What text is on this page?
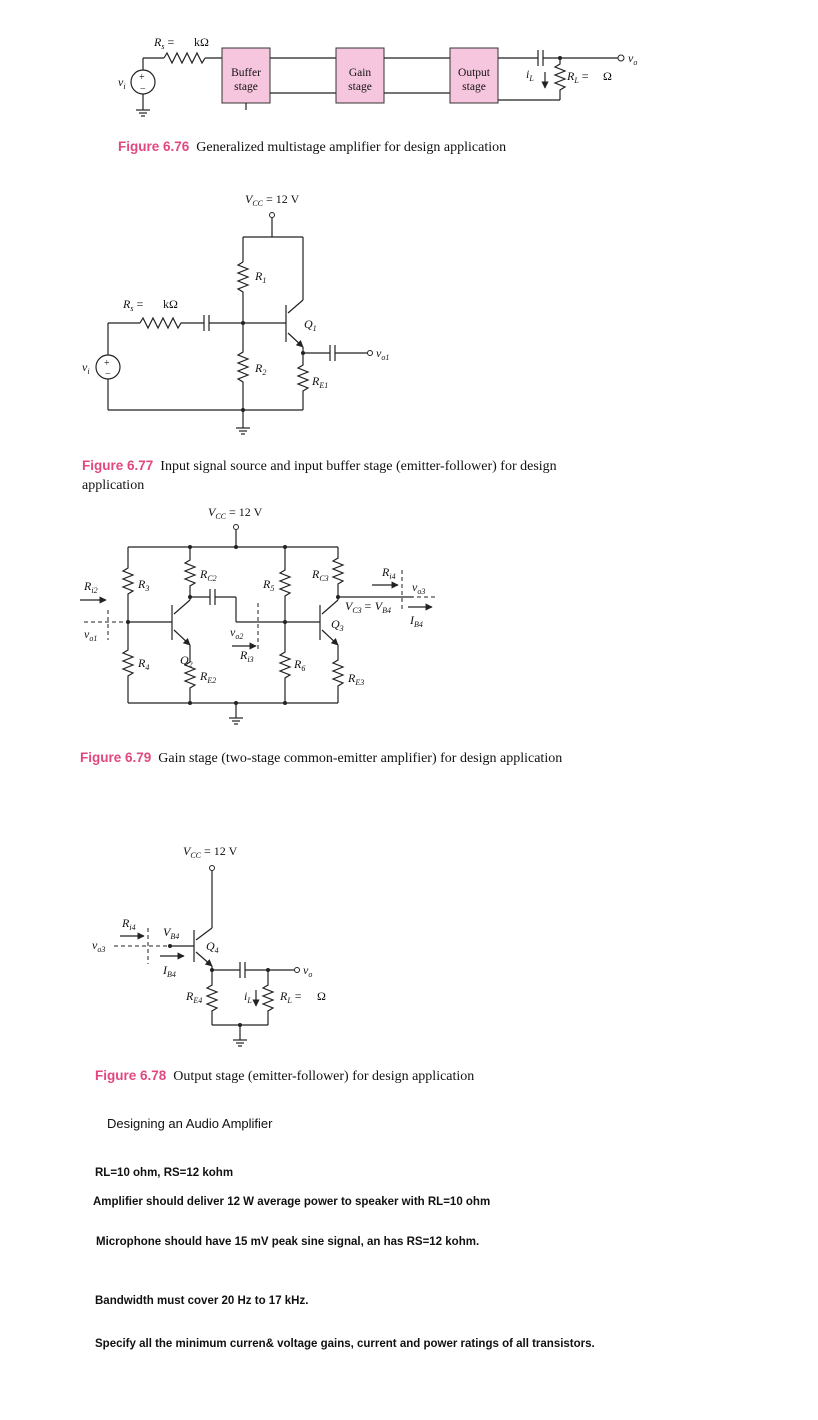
+
−
$v_i$
$R_s = k\Omega$
Buffer
stage
Gain
stage
Output
stage
$v_o$
$i_L$	$R_L = \Omega$
$V_{CC} = 12$ V
$R_1$
$Q_1$
$v_{o1}$
$R_{E1}$
$R_2$
+
−
$v_i$
$R_s = k\Omega$
$V_{CC} = 12$ V
$R_3$
$R_4$
$R_{i2}$
$v_{o1}$
$Q_2$
$R_{C2}$
$v_{o2}$
$R_{i3}$
$R_{E2}$
$R_5$
$R_6$
$Q_3$
$R_{C3}$
$V_{C3} = V_{B4}$
$R_{i4}$
$v_{o3}$
$I_{B4}$
$R_{E3}$
$V_{CC} = 12$ V
$Q_4$
$R_{i4}$ $V_{B4}$
$v_{o3}$
$I_{B4}$	$v_o$
$R_{E4}$	$i_L$ $R_L = \Omega$
Figure 6.76 Generalized multistage amplifier for design application
Figure 6.77 Input signal source and input buffer stage (emitter-follower) for design
application
Figure 6.79 Gain stage (two-stage common-emitter amplifier) for design application
Figure 6.78 Output stage (emitter-follower) for design application
Designing an Audio Amplifier
RL=10 ohm, RS=12 kohm
Amplifier should deliver 12 W average power to speaker with RL=10 ohm
Microphone should have 15 mV peak sine signal, an has RS=12 kohm.
Bandwidth must cover 20 Hz to 17 kHz.
Specify all the minimum curren& voltage gains, current and power ratings of all transistors.
